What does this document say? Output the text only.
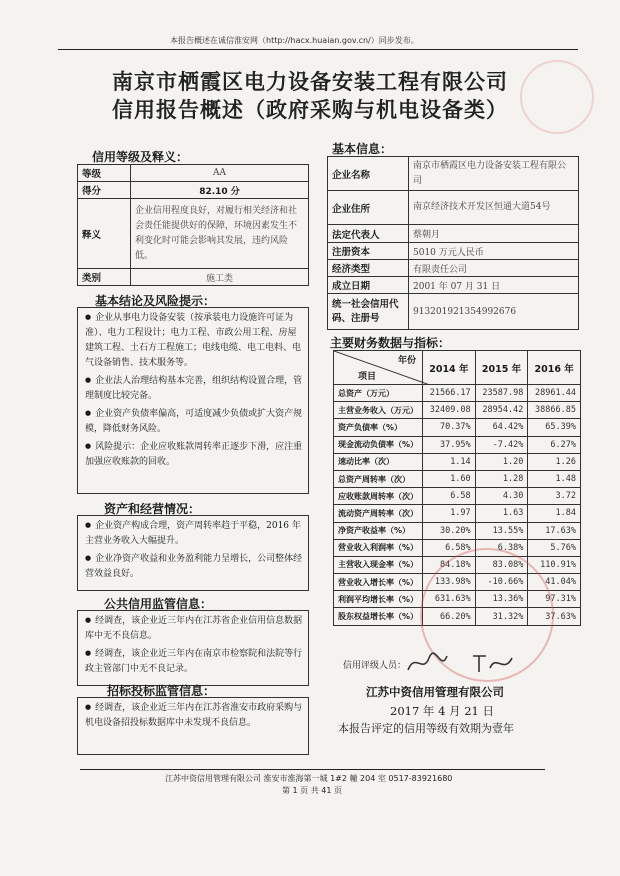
本报告概述在诚信淮安网（http://hacx.huaian.gov.cn/）同步发布。
南京市栖霞区电力设备安装工程有限公司
信用报告概述（政府采购与机电设备类）
信用等级及释义：
等级	AA
得分	82.10 分
释义	企业信用程度良好，对履行相关经济和社会责任能提供好的保障，环境因素发生不利变化时可能会影响其发展，违约风险低。
类别	施工类
基本信息：
企业名称	南京市栖霞区电力设备安装工程有限公司
企业住所	南京经济技术开发区恒通大道54号
法定代表人	蔡朝月
注册资本	5010 万元人民币
经济类型	有限责任公司
成立日期	2001 年 07 月 31 日
统一社会信用代码、注册号	913201921354992676
基本结论及风险提示：

● 企业从事电力设备安装（按承装电力设施许可证为准）、电力工程设计；电力工程、市政公用工程、房屋建筑工程、土石方工程施工；电线电缆、电工电料、电气设备销售、技术服务等。

● 企业法人治理结构基本完善，组织结构设置合理，管理制度比较完备。

● 企业资产负债率偏高，可适度减少负债或扩大资产规模，降低财务风险。

● 风险提示：企业应收账款周转率正逐步下滑，应注重加强应收账款的回收。

资产和经营情况：

● 企业资产构成合理，资产周转率趋于平稳，2016 年主营业务收入大幅提升。

● 企业净资产收益和业务盈利能力呈增长，公司整体经营效益良好。

公共信用监管信息：

● 经调查，该企业近三年内在江苏省企业信用信息数据库中无不良信息。

● 经调查，该企业近三年内在南京市检察院和法院等行政主管部门中无不良记录。

招标投标监管信息：

● 经调查，该企业近三年内在江苏省淮安市政府采购与机电设备招投标数据库中未发现不良信息。

主要财务数据与指标：
年份
项目	2014 年	2015 年	2016 年
总资产（万元）	21566.17	23587.98	28961.44
主营业务收入（万元）	32409.08	28954.42	38866.85
资产负债率（%）	70.37%	64.42%	65.39%
现金流动负债率（%）	37.95%	-7.42%	6.27%
速动比率（次）	1.14	1.20	1.26
总资产周转率（次）	1.60	1.28	1.48
应收账款周转率（次）	6.58	4.30	3.72
流动资产周转率（次）	1.97	1.63	1.84
净资产收益率（%）	30.20%	13.55%	17.63%
营业收入利润率（%）	6.58%	6.38%	5.76%
主营收入现金率（%）	84.18%	83.08%	110.91%
营业收入增长率（%）	133.98%	-10.66%	41.04%
利润平均增长率（%）	631.63%	13.36%	97.31%
股东权益增长率（%）	66.20%	31.32%	37.63%
信用评级人员：
江苏中资信用管理有限公司
2017 年 4 月 21 日
本报告评定的信用等级有效期为壹年
江苏中资信用管理有限公司 淮安市淮海第一城 1#2 幢 204 室 0517-83921680
第 1 页 共 41 页
